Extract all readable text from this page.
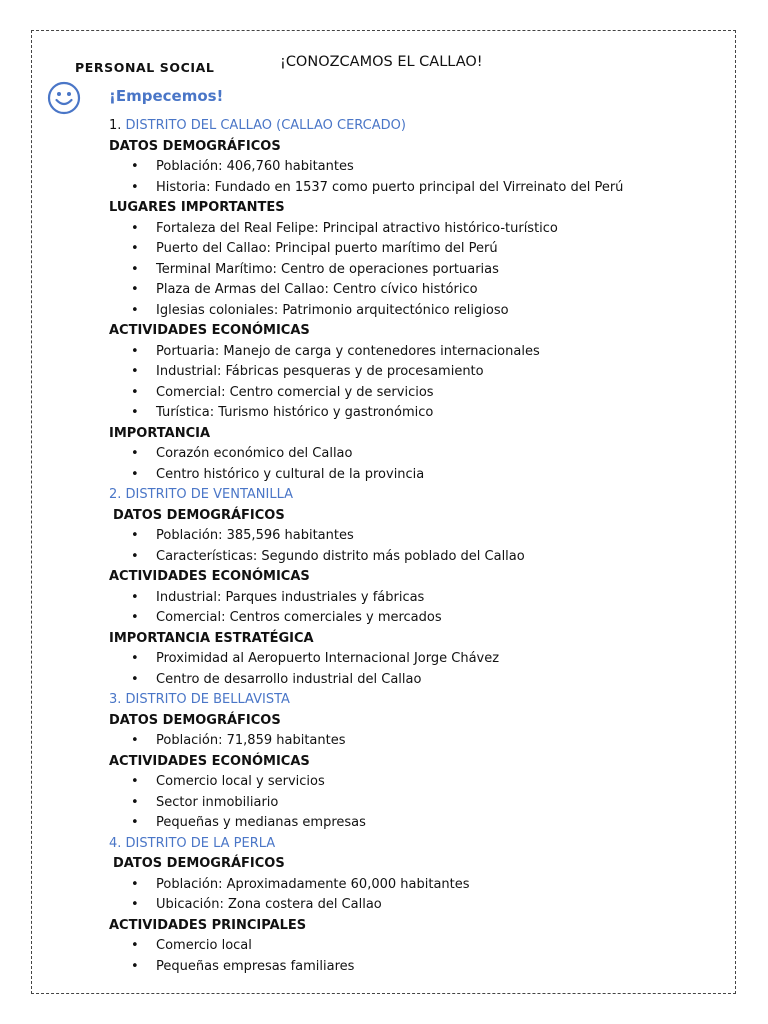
PERSONAL SOCIAL	¡CONOZCAMOS EL CALLAO!
¡Empecemos!
1. DISTRITO DEL CALLAO (CALLAO CERCADO)
DATOS DEMOGRÁFICOS
• Población: 406,760 habitantes
• Historia: Fundado en 1537 como puerto principal del Virreinato del Perú
LUGARES IMPORTANTES
• Fortaleza del Real Felipe: Principal atractivo histórico-turístico
• Puerto del Callao: Principal puerto marítimo del Perú
• Terminal Marítimo: Centro de operaciones portuarias
• Plaza de Armas del Callao: Centro cívico histórico
• Iglesias coloniales: Patrimonio arquitectónico religioso
ACTIVIDADES ECONÓMICAS
• Portuaria: Manejo de carga y contenedores internacionales
• Industrial: Fábricas pesqueras y de procesamiento
• Comercial: Centro comercial y de servicios
• Turística: Turismo histórico y gastronómico
IMPORTANCIA
• Corazón económico del Callao
• Centro histórico y cultural de la provincia
2. DISTRITO DE VENTANILLA
DATOS DEMOGRÁFICOS
• Población: 385,596 habitantes
• Características: Segundo distrito más poblado del Callao
ACTIVIDADES ECONÓMICAS
• Industrial: Parques industriales y fábricas
• Comercial: Centros comerciales y mercados
IMPORTANCIA ESTRATÉGICA
• Proximidad al Aeropuerto Internacional Jorge Chávez
• Centro de desarrollo industrial del Callao
3. DISTRITO DE BELLAVISTA
DATOS DEMOGRÁFICOS
• Población: 71,859 habitantes
ACTIVIDADES ECONÓMICAS
• Comercio local y servicios
• Sector inmobiliario
• Pequeñas y medianas empresas
4. DISTRITO DE LA PERLA
DATOS DEMOGRÁFICOS
• Población: Aproximadamente 60,000 habitantes
• Ubicación: Zona costera del Callao
ACTIVIDADES PRINCIPALES
• Comercio local
• Pequeñas empresas familiares
